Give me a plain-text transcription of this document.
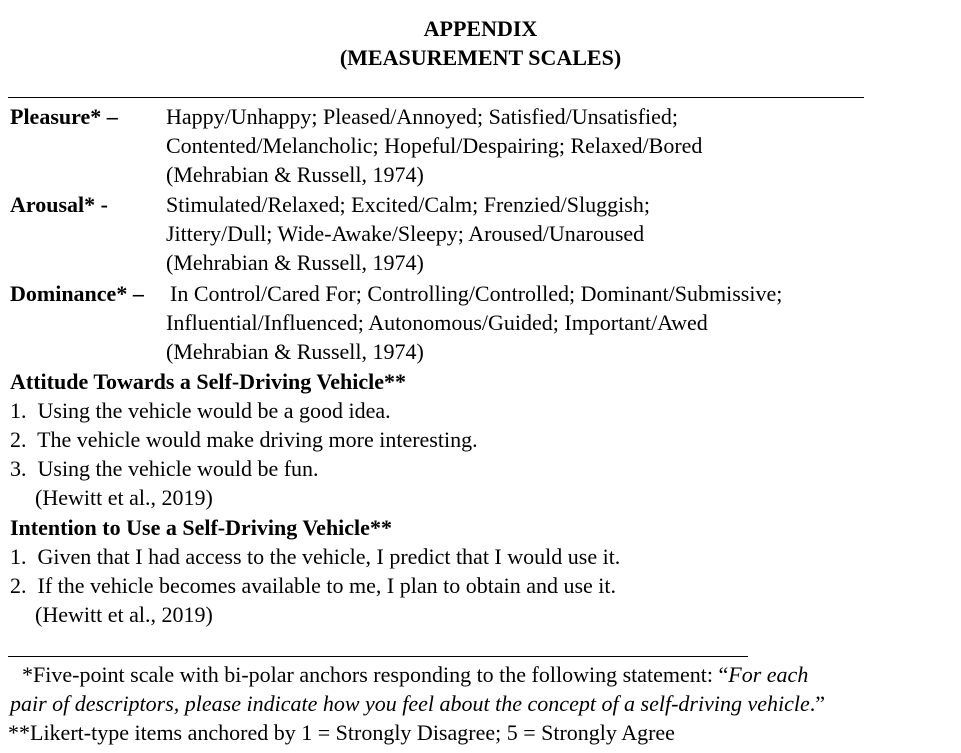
APPENDIX
(MEASUREMENT SCALES)
Pleasure* – Happy/Unhappy; Pleased/Annoyed; Satisfied/Unsatisfied;
Contented/Melancholic; Hopeful/Despairing; Relaxed/Bored
(Mehrabian & Russell, 1974)
Arousal* -	Stimulated/Relaxed; Excited/Calm; Frenzied/Sluggish;
Jittery/Dull; Wide-Awake/Sleepy; Aroused/Unaroused
(Mehrabian & Russell, 1974)
Dominance* – In Control/Cared For; Controlling/Controlled; Dominant/Submissive;
Influential/Influenced; Autonomous/Guided; Important/Awed
(Mehrabian & Russell, 1974)
Attitude Towards a Self-Driving Vehicle**
1.  Using the vehicle would be a good idea.
2.  The vehicle would make driving more interesting.
3.  Using the vehicle would be fun.
(Hewitt et al., 2019)
Intention to Use a Self-Driving Vehicle**
1.  Given that I had access to the vehicle, I predict that I would use it.
2.  If the vehicle becomes available to me, I plan to obtain and use it.
(Hewitt et al., 2019)
*Five-point scale with bi-polar anchors responding to the following statement: “For each
pair of descriptors, please indicate how you feel about the concept of a self-driving vehicle.”
**Likert-type items anchored by 1 = Strongly Disagree; 5 = Strongly Agree
